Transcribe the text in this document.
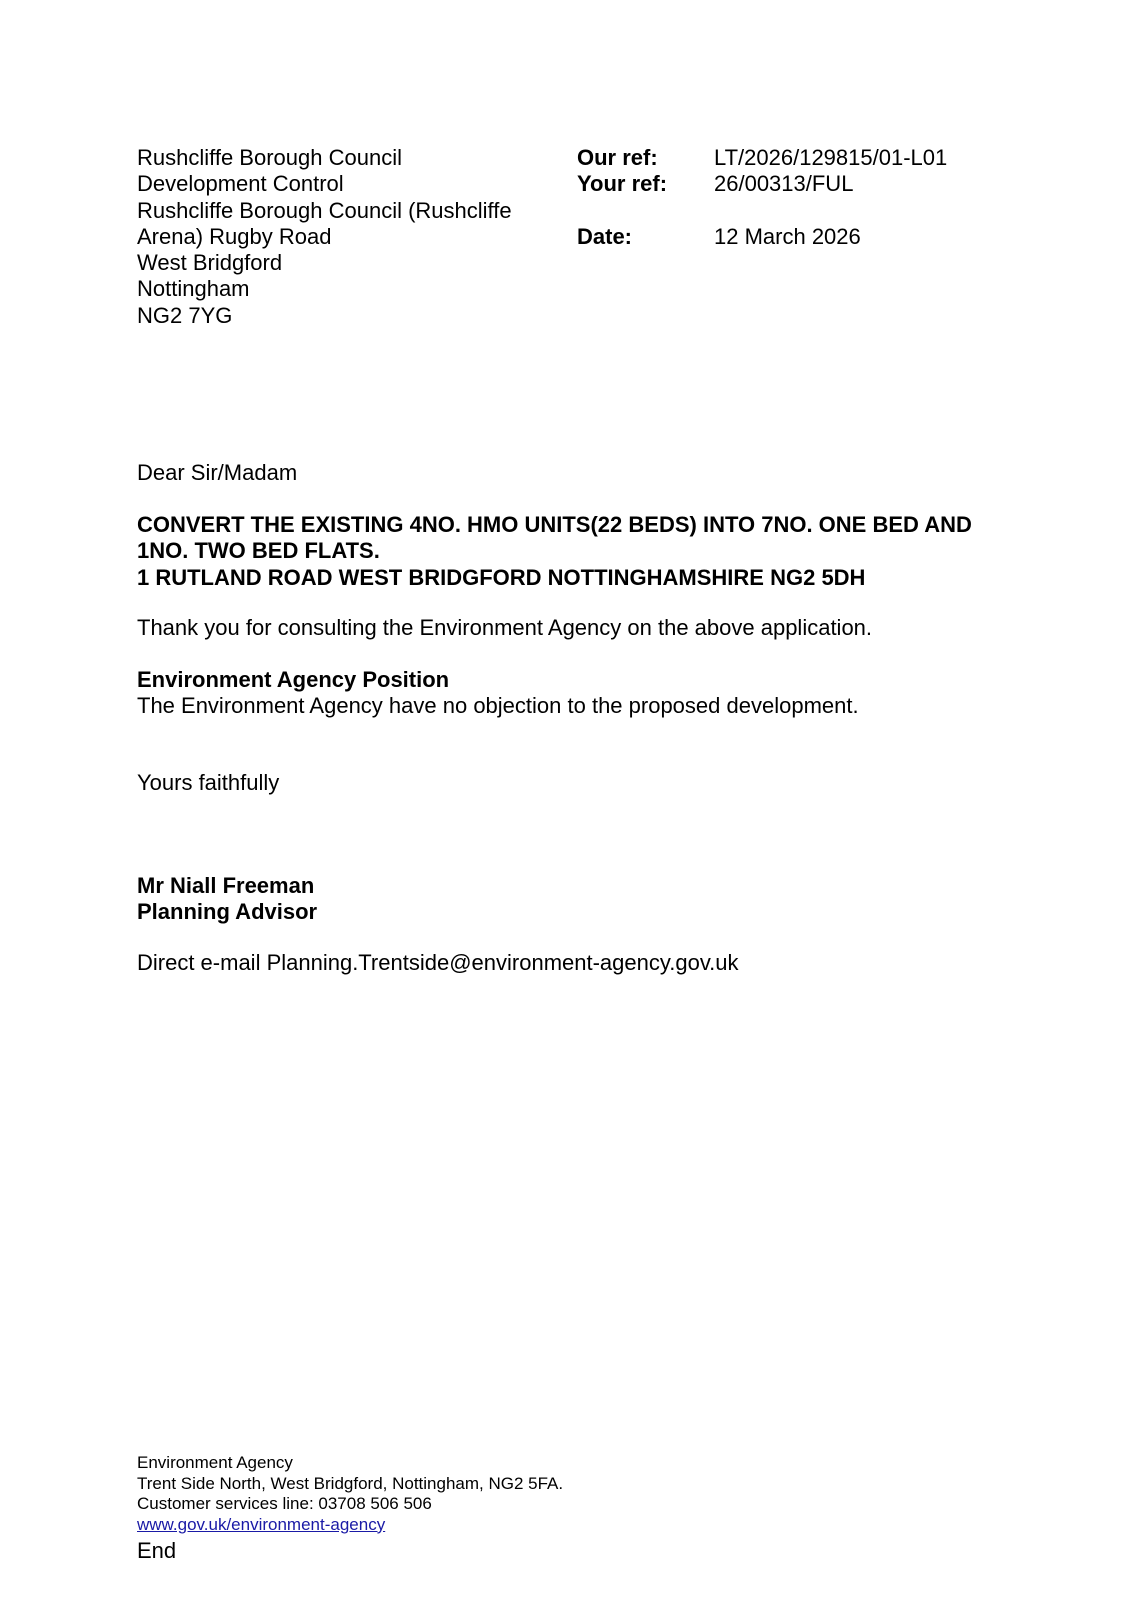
Rushcliffe Borough Council
Development Control
Rushcliffe Borough Council (Rushcliffe
Arena) Rugby Road
West Bridgford
Nottingham
NG2 7YG
Our ref:	LT/2026/129815/01-L01
Your ref:	26/00313/FUL
Date:	12 March 2026
Dear Sir/Madam
CONVERT THE EXISTING 4NO. HMO UNITS(22 BEDS) INTO 7NO. ONE BED AND
1NO. TWO BED FLATS.
1 RUTLAND ROAD WEST BRIDGFORD NOTTINGHAMSHIRE NG2 5DH
Thank you for consulting the Environment Agency on the above application.
Environment Agency Position
The Environment Agency have no objection to the proposed development.
Yours faithfully
Mr Niall Freeman
Planning Advisor
Direct e-mail Planning.Trentside@environment-agency.gov.uk
Environment Agency
Trent Side North, West Bridgford, Nottingham, NG2 5FA.
Customer services line: 03708 506 506
www.gov.uk/environment-agency
End
